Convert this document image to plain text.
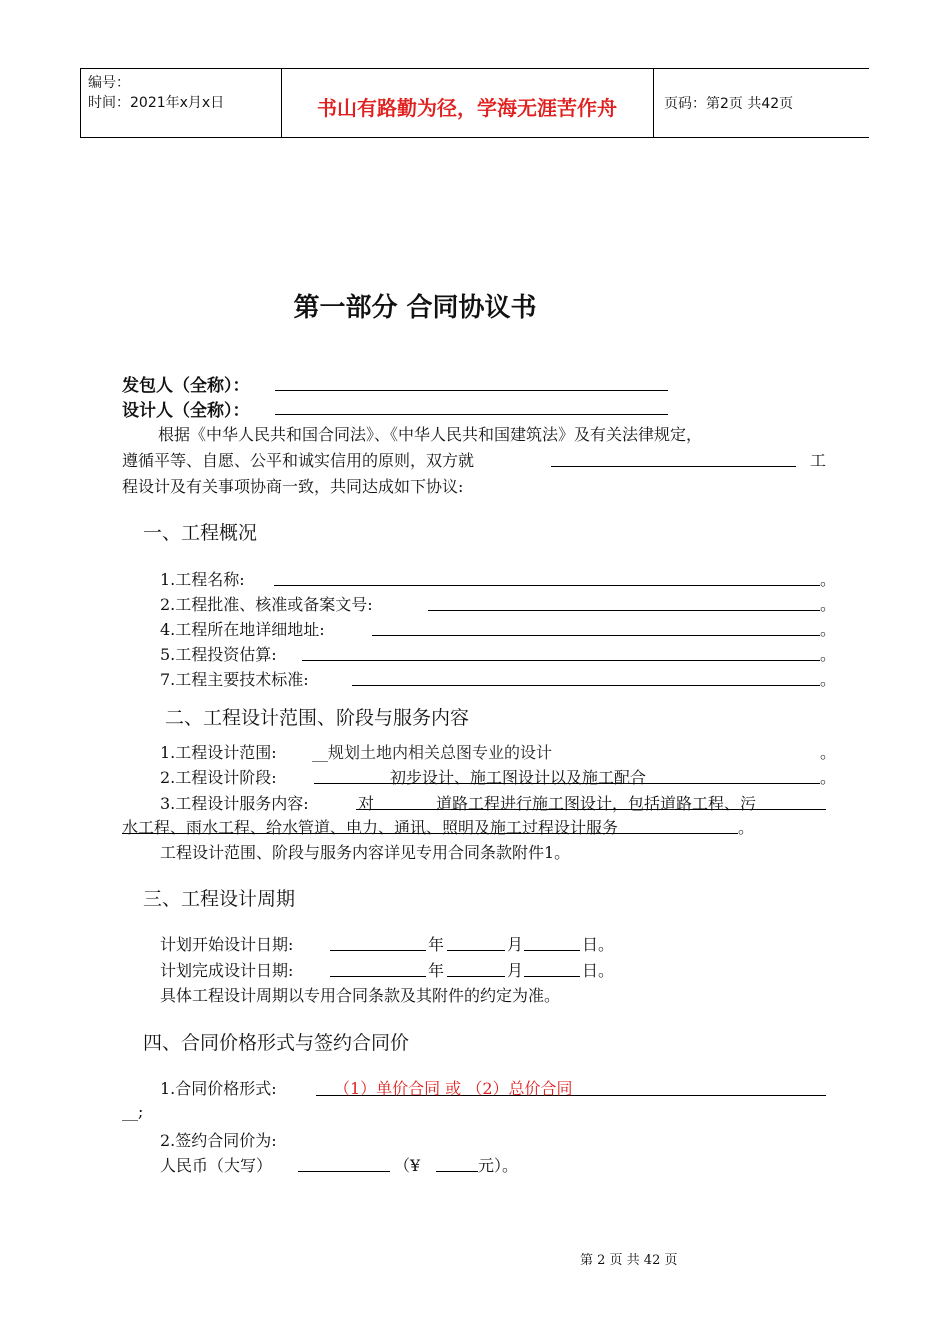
编号：
时间：2021年x月x日	书山有路勤为径，学海无涯苦作舟	页码：第2页 共42页
第一部分 合同协议书
发包人（全称）：
设计人（全称）：
根据《中华人民共和国合同法》、《中华人民共和国建筑法》及有关法律规定，
遵循平等、自愿、公平和诚实信用的原则，双方就	工
程设计及有关事项协商一致，共同达成如下协议:
一、工程概况
1.工程名称:	。
2.工程批准、核准或备案文号:	。
4.工程所在地详细地址:	。
5.工程投资估算:	。
7.工程主要技术标准:	。
二、工程设计范围、阶段与服务内容
1.工程设计范围: __规划土地内相关总图专业的设计	。
2.工程设计阶段:	初步设计、施工图设计以及施工配合	。
3.工程设计服务内容:	对	道路工程进行施工图设计，包括道路工程、污
水工程、雨水工程、给水管道、电力、通讯、照明及施工过程设计服务	。
工程设计范围、阶段与服务内容详见专用合同条款附件1。
三、工程设计周期
计划开始设计日期:	年	月	日。
计划完成设计日期:	年	月	日。
具体工程设计周期以专用合同条款及其附件的约定为准。
四、合同价格形式与签约合同价
1.合同价格形式:	（1）单价合同 或 （2）总价合同
__;
2.签约合同价为:
人民币（大写）	（¥	元）。
第 2 页 共 42 页
